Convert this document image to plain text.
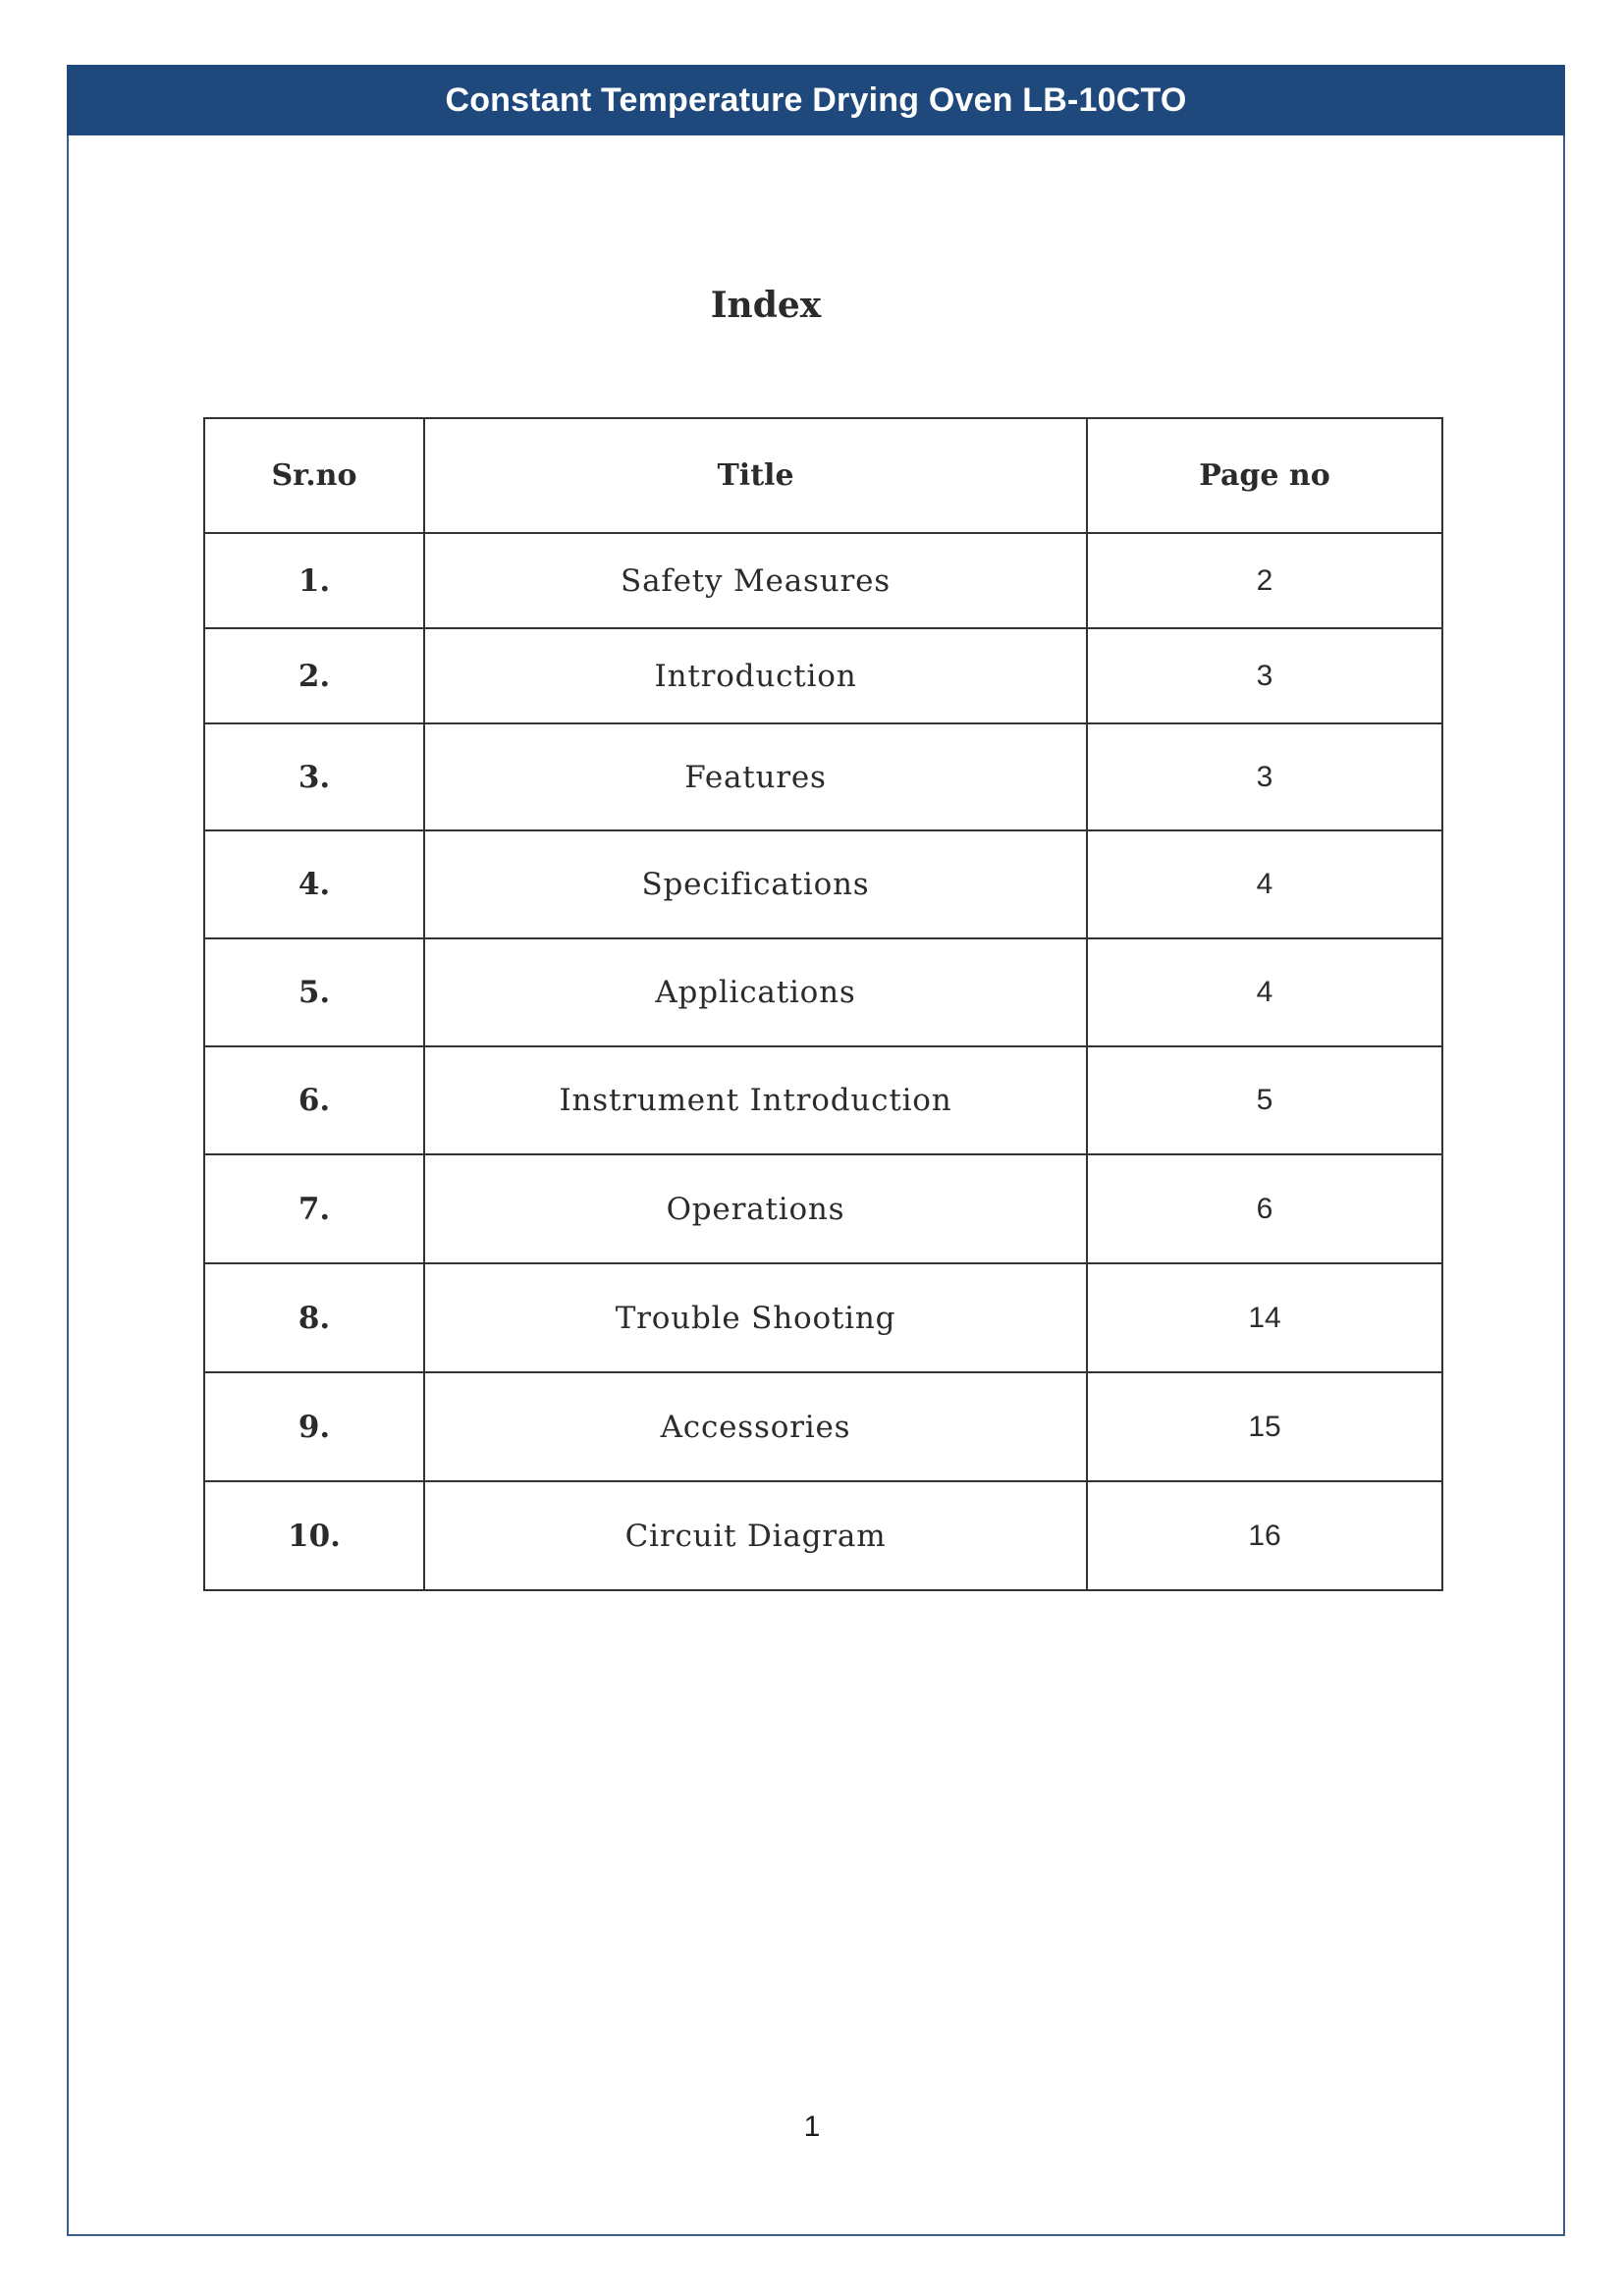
Constant Temperature Drying Oven LB-10CTO
Index
Sr.no	Title	Page no
1.	Safety Measures	2
2.	Introduction	3
3.	Features	3
4.	Specifications	4
5.	Applications	4
6.	Instrument Introduction	5
7.	Operations	6
8.	Trouble Shooting	14
9.	Accessories	15
10.	Circuit Diagram	16
1
